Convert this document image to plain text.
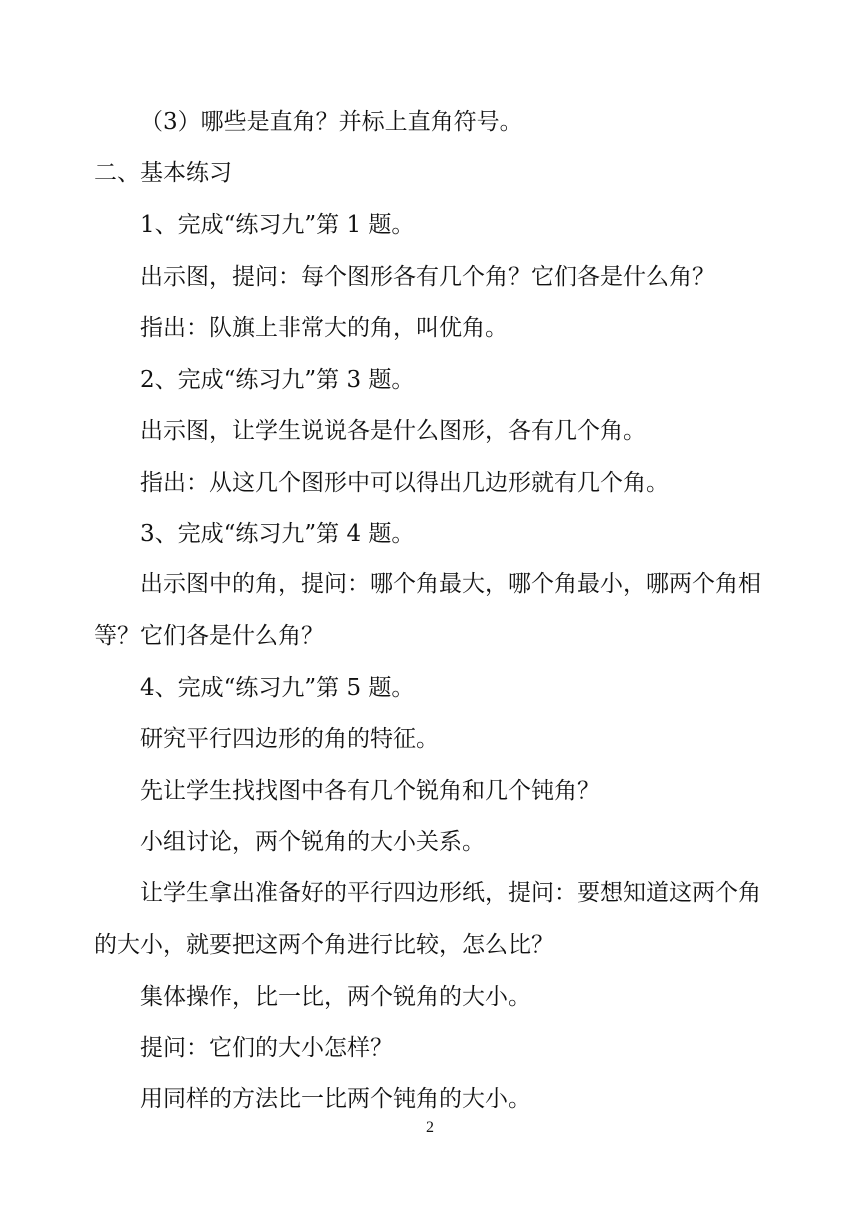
（3）哪些是直角？并标上直角符号。

二、基本练习

1、完成“练习九”第 1 题。

出示图，提问：每个图形各有几个角？它们各是什么角？

指出：队旗上非常大的角，叫优角。

2、完成“练习九”第 3 题。

出示图，让学生说说各是什么图形，各有几个角。

指出：从这几个图形中可以得出几边形就有几个角。

3、完成“练习九”第 4 题。

出示图中的角，提问：哪个角最大，哪个角最小，哪两个角相

等？它们各是什么角？

4、完成“练习九”第 5 题。

研究平行四边形的角的特征。

先让学生找找图中各有几个锐角和几个钝角？

小组讨论，两个锐角的大小关系。

让学生拿出准备好的平行四边形纸，提问：要想知道这两个角

的大小，就要把这两个角进行比较，怎么比？

集体操作，比一比，两个锐角的大小。

提问：它们的大小怎样？

用同样的方法比一比两个钝角的大小。

2
